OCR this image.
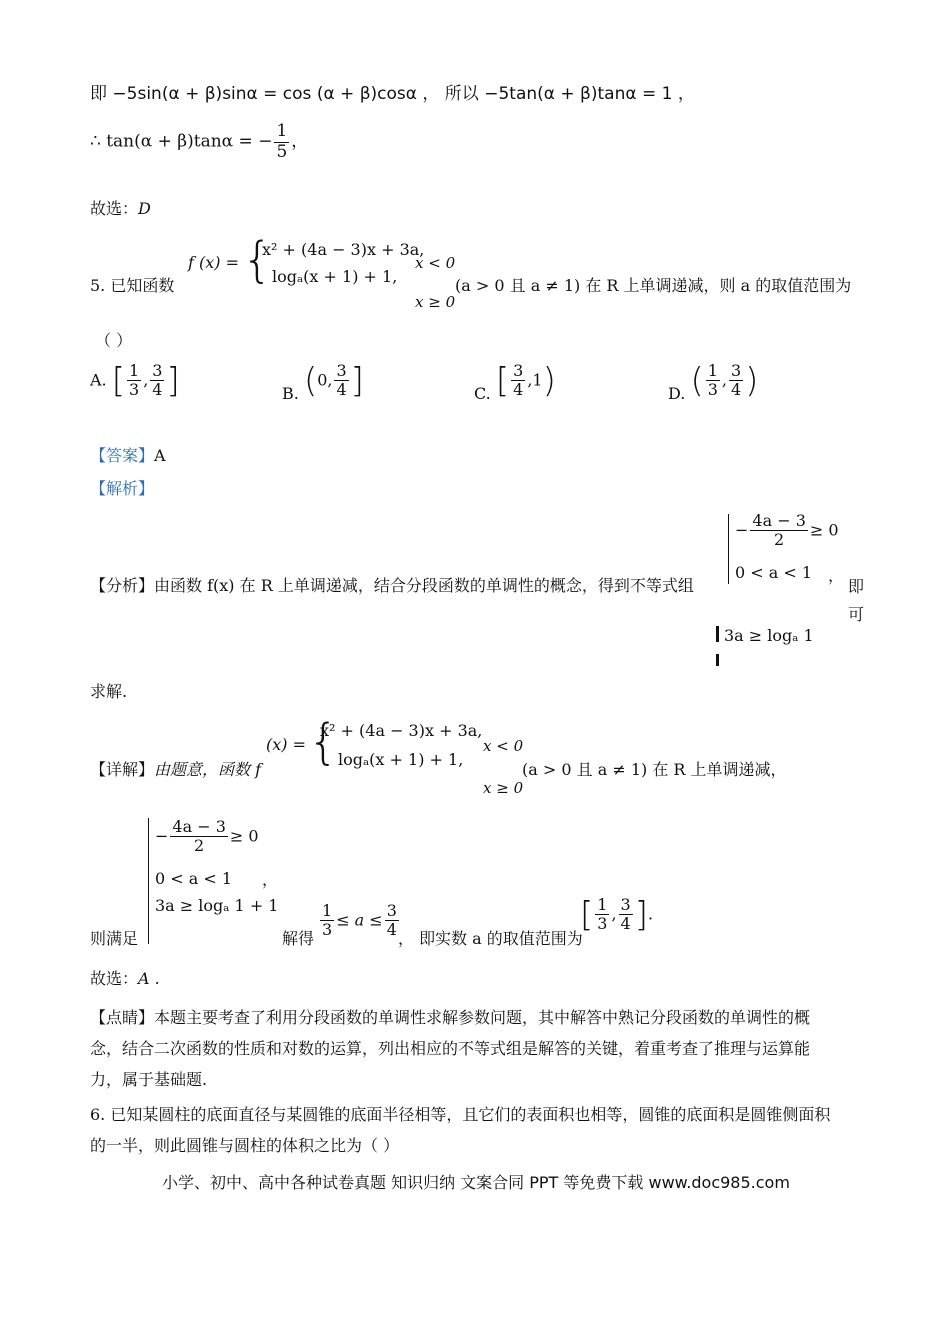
即 −5sin(α + β)sinα = cos (α + β)cosα ， 所以 −5tan(α + β)tanα = 1 ，
∴ tan(α + β)tanα = − $\frac{1}{5}$ ，
故选：D
5. 已知函数
f (x) = {
x² + (4a − 3)x + 3a,
logₐ(x + 1) + 1,
x < 0
x ≥ 0
(a > 0 且 a ≠ 1) 在 R 上单调递减，则 a 的取值范围为
（ ）
A. [ $\frac{1}{3}$ , $\frac{3}{4}$ ]	B. (0, $\frac{3}{4}$ ]	C. [ $\frac{3}{4} ,1$)	D. ( $\frac{1}{3}$ , $\frac{3}{4}$ )
【答案】A
【解析】
【分析】由函数 f(x) 在 R 上单调递减，结合分段函数的单调性的概念，得到不等式组
− $\frac{4a - 3}{2} \ge 0$
0 < a < 1 ，
即
可
3a ≥ logₐ 1
求解.
【详解】由题意，函数 f
(x) = {
x² + (4a − 3)x + 3a,
logₐ(x + 1) + 1,
x < 0
x ≥ 0
(a > 0 且 a ≠ 1) 在 R 上单调递减，
则满足
− $\frac{4a - 3}{2} \ge 0$
0 < a < 1 ，
3a ≥ logₐ 1 + 1
解得 $\frac{1}{3} \le a \le \frac{3}{4}$ ， 即实数 a 的取值范围为
[ $\frac{1}{3}$ , $\frac{3}{4}$ ].
故选：A .
【点睛】本题主要考查了利用分段函数的单调性求解参数问题，其中解答中熟记分段函数的单调性的概
念，结合二次函数的性质和对数的运算，列出相应的不等式组是解答的关键，着重考查了推理与运算能
力，属于基础题.
6. 已知某圆柱的底面直径与某圆锥的底面半径相等，且它们的表面积也相等，圆锥的底面积是圆锥侧面积
的一半，则此圆锥与圆柱的体积之比为（ ）
小学、初中、高中各种试卷真题 知识归纳 文案合同 PPT 等免费下载 www.doc985.com
